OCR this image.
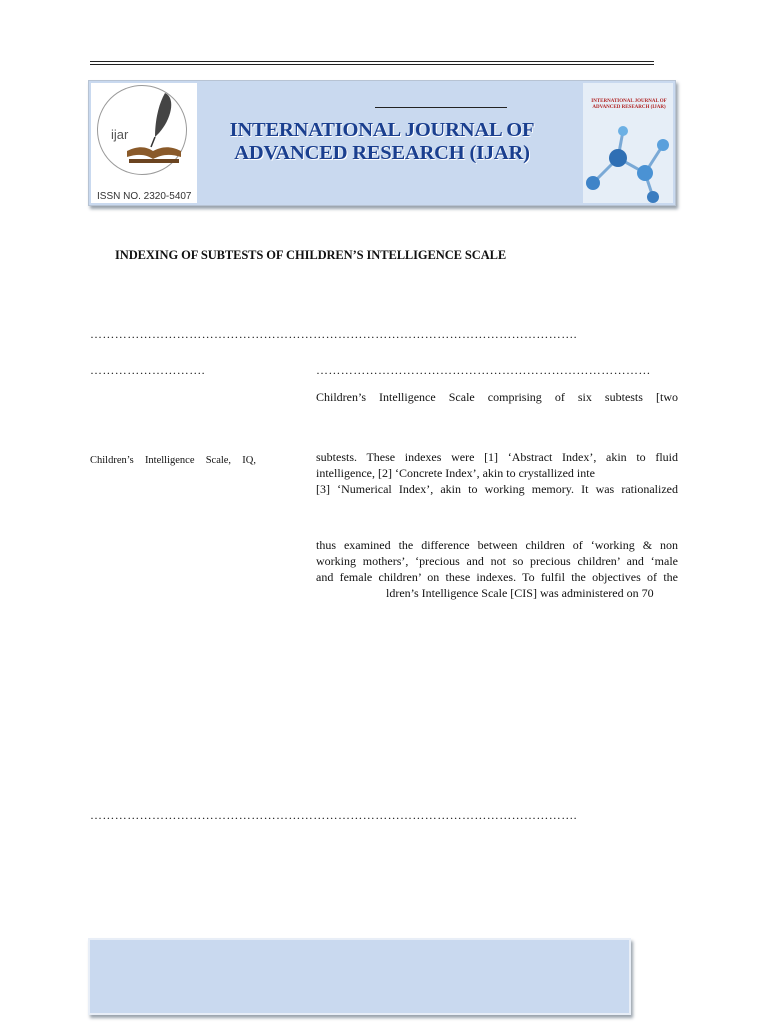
ijar
ISSN NO. 2320-5407
INTERNATIONAL JOURNAL OF
ADVANCED RESEARCH (IJAR)
INTERNATIONAL JOURNAL OF ADVANCED RESEARCH (IJAR)
INDEXING OF SUBTESTS OF CHILDREN’S INTELLIGENCE SCALE
……………………………………………………………………………………………………….
……………………….	………………………………………………………………………
Children’s Intelligence Scale, IQ,
Children’s Intelligence Scale comprising of six subtests [two
subtests. These indexes were [1] ‘Abstract Index’, akin to fluid
intelligence, [2] ‘Concrete Index’, akin to crystallized inte
[3] ‘Numerical Index’, akin to working memory. It was rationalized
thus examined the difference between children of ‘working & non
working mothers’, ‘precious and not so precious children’ and ‘male
and female children’ on these indexes. To fulfil the objectives of the
ldren’s Intelligence Scale [CIS] was administered on 70
……………………………………………………………………………………………………….
